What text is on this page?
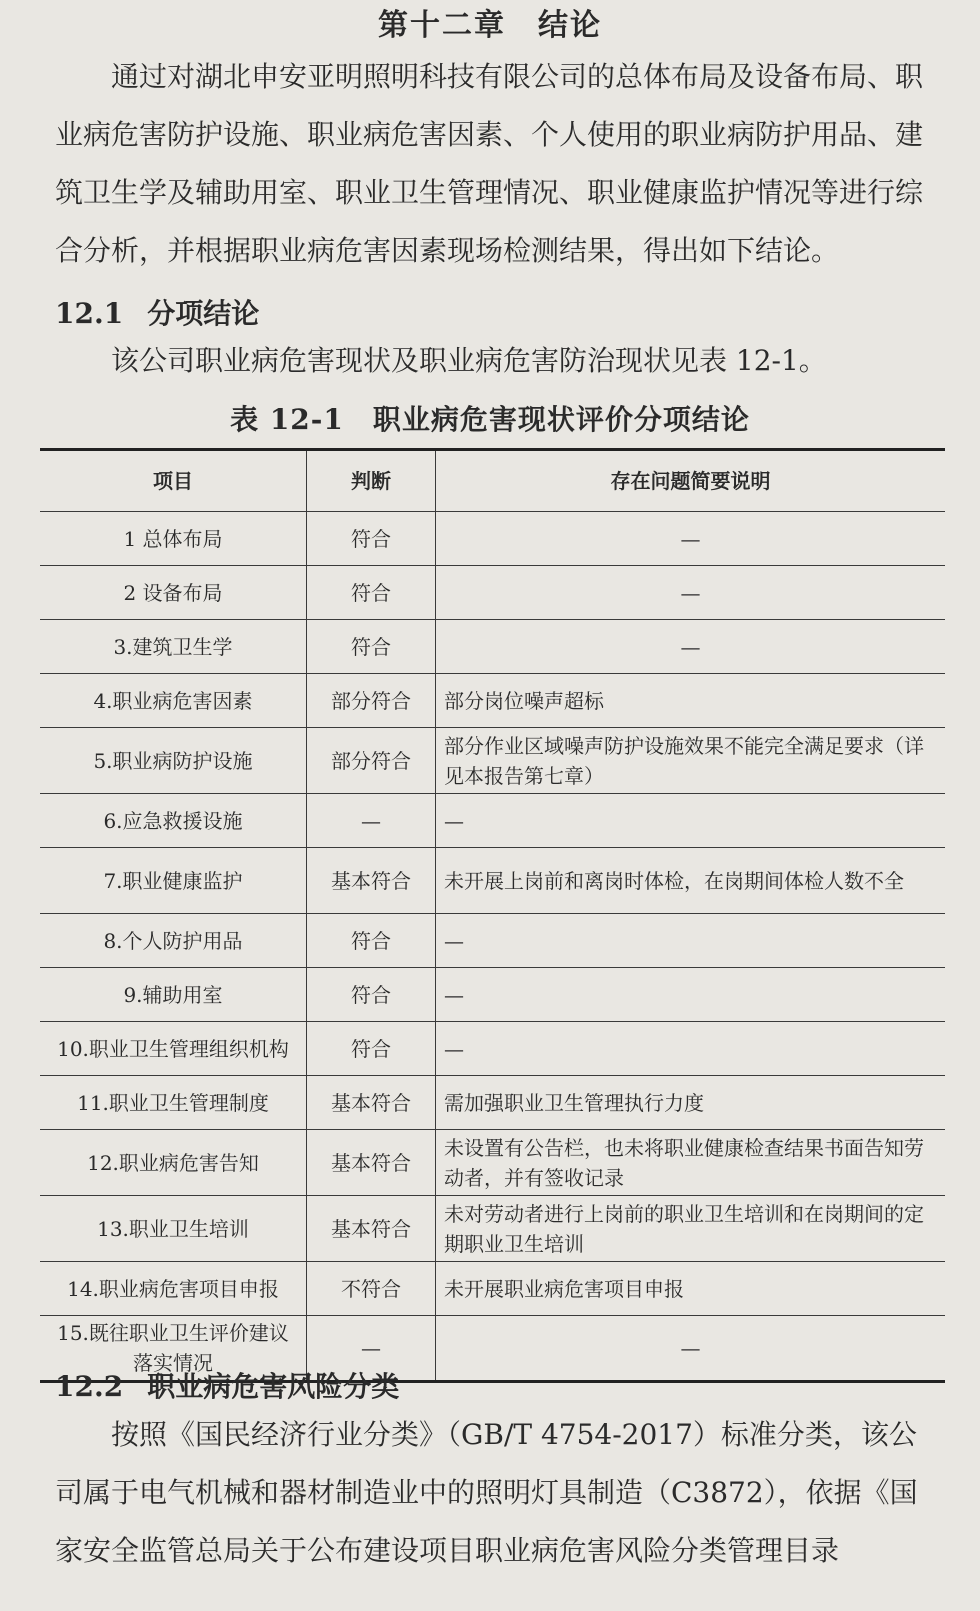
第十二章　结论
通过对湖北申安亚明照明科技有限公司的总体布局及设备布局、职业病危害防护设施、职业病危害因素、个人使用的职业病防护用品、建筑卫生学及辅助用室、职业卫生管理情况、职业健康监护情况等进行综合分析，并根据职业病危害因素现场检测结果，得出如下结论。
12.1 分项结论
该公司职业病危害现状及职业病危害防治现状见表 12-1。
表 12-1　职业病危害现状评价分项结论
项目	判断	存在问题简要说明
1 总体布局	符合	—
2 设备布局	符合	—
3.建筑卫生学	符合	—
4.职业病危害因素	部分符合	部分岗位噪声超标
5.职业病防护设施	部分符合	部分作业区域噪声防护设施效果不能完全满足要求（详见本报告第七章）
6.应急救援设施	—	—
7.职业健康监护	基本符合	未开展上岗前和离岗时体检，在岗期间体检人数不全
8.个人防护用品	符合	—
9.辅助用室	符合	—
10.职业卫生管理组织机构	符合	—
11.职业卫生管理制度	基本符合	需加强职业卫生管理执行力度
12.职业病危害告知	基本符合	未设置有公告栏，也未将职业健康检查结果书面告知劳动者，并有签收记录
13.职业卫生培训	基本符合	未对劳动者进行上岗前的职业卫生培训和在岗期间的定期职业卫生培训
14.职业病危害项目申报	不符合	未开展职业病危害项目申报
15.既往职业卫生评价建议落实情况	—	—
12.2 职业病危害风险分类
按照《国民经济行业分类》（GB/T 4754-2017）标准分类，该公司属于电气机械和器材制造业中的照明灯具制造（C3872），依据《国家安全监管总局关于公布建设项目职业病危害风险分类管理目录
